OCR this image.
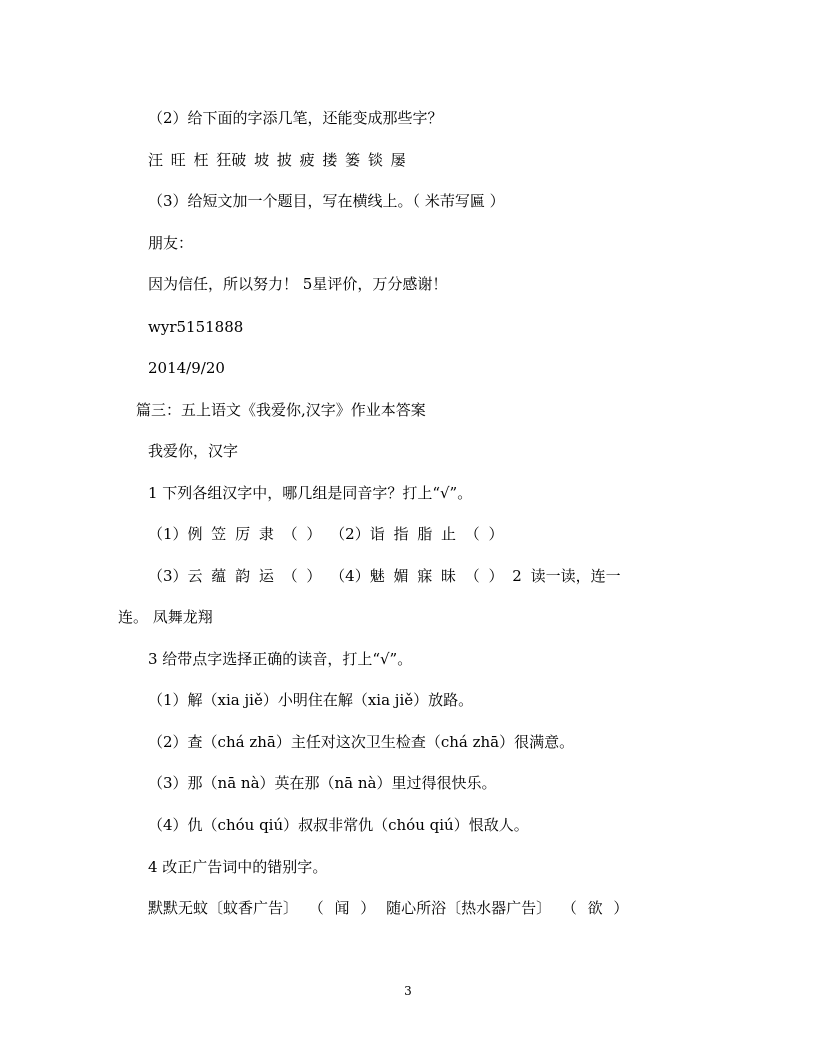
（2）给下面的字添几笔，还能变成那些字？
汪 旺 枉 狂破 坡 披 疲 搂 篓 锬 屡
（3）给短文加一个题目，写在横线上。（ 米芾写匾 ）
朋友：
因为信任，所以努力！ 5星评价，万分感谢！
wyr5151888
2014/9/20
篇三：五上语文《我爱你,汉字》作业本答案
我爱你，汉字
1 下列各组汉字中，哪几组是同音字？打上“√”。
（1）例 笠 厉 隶 （ ） （2）诣 指 脂 止 （ ）
（3）云 蕴 韵 运 （ ） （4）魅 媚 寐 昧 （ ） 2 读一读，连一
连。 凤舞龙翔
3 给带点字选择正确的读音，打上“√”。
（1）解（xia jiě）小明住在解（xia jiě）放路。
（2）查（chá zhā）主任对这次卫生检查（chá zhā）很满意。
（3）那（nā nà）英在那（nā nà）里过得很快乐。
（4）仇（chóu qiú）叔叔非常仇（chóu qiú）恨敌人。
4 改正广告词中的错别字。
默默无蚊〔蚊香广告〕 （ 闻 ） 随心所浴〔热水器广告〕 （ 欲 ）
3
